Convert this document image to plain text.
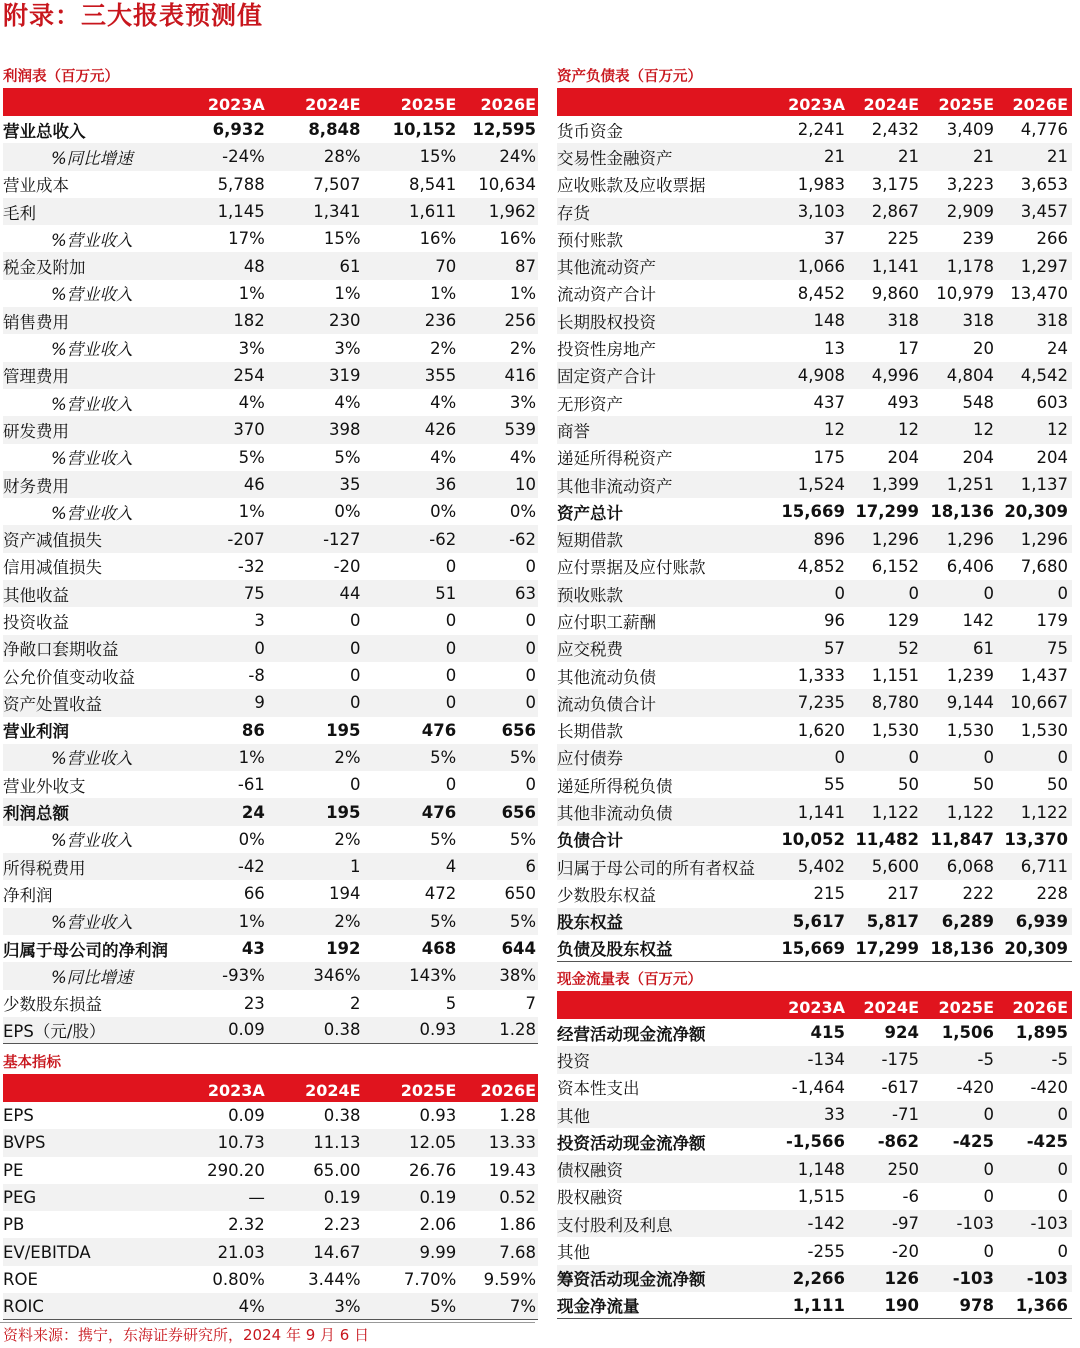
附录：三大报表预测值
利润表（百万元）
2023A	2024E	2025E	2026E
营业总收入	6,932	8,848	10,152 12,595
%同比增速	-24%	28%	15%	24%
营业成本	5,788	7,507	8,541	10,634
毛利	1,145	1,341	1,611	1,962
%营业收入	17%	15%	16%	16%
税金及附加	48	61	70	87
%营业收入	1%	1%	1%	1%
销售费用	182	230	236	256
%营业收入	3%	3%	2%	2%
管理费用	254	319	355	416
%营业收入	4%	4%	4%	3%
研发费用	370	398	426	539
%营业收入	5%	5%	4%	4%
财务费用	46	35	36	10
%营业收入	1%	0%	0%	0%
资产减值损失	-207	-127	-62	-62
信用减值损失	-32	-20	0	0
其他收益	75	44	51	63
投资收益	3	0	0	0
净敞口套期收益	0	0	0	0
公允价值变动收益	-8	0	0	0
资产处置收益	9	0	0	0
营业利润	86	195	476	656
%营业收入	1%	2%	5%	5%
营业外收支	-61	0	0	0
利润总额	24	195	476	656
%营业收入	0%	2%	5%	5%
所得税费用	-42	1	4	6
净利润	66	194	472	650
%营业收入	1%	2%	5%	5%
归属于母公司的净利润	43	192	468	644
%同比增速	-93%	346%	143%	38%
少数股东损益	23	2	5	7
EPS（元/股）	0.09	0.38	0.93	1.28
基本指标
2023A	2024E	2025E	2026E
EPS	0.09	0.38	0.93	1.28
BVPS	10.73	11.13	12.05	13.33
PE	290.20	65.00	26.76	19.43
PEG	—	0.19	0.19	0.52
PB	2.32	2.23	2.06	1.86
EV/EBITDA	21.03	14.67	9.99	7.68
ROE	0.80%	3.44%	7.70%	9.59%
ROIC	4%	3%	5%	7%
资产负债表（百万元）
2023A	2024E	2025E	2026E
货币资金	2,241	2,432	3,409	4,776
交易性金融资产	21	21	21	21
应收账款及应收票据	1,983	3,175	3,223	3,653
存货	3,103	2,867	2,909	3,457
预付账款	37	225	239	266
其他流动资产	1,066	1,141	1,178	1,297
流动资产合计	8,452	9,860	10,979 13,470
长期股权投资	148	318	318	318
投资性房地产	13	17	20	24
固定资产合计	4,908	4,996	4,804	4,542
无形资产	437	493	548	603
商誉	12	12	12	12
递延所得税资产	175	204	204	204
其他非流动资产	1,524	1,399	1,251	1,137
资产总计	15,669 17,299 18,136 20,309
短期借款	896	1,296	1,296	1,296
应付票据及应付账款	4,852	6,152	6,406	7,680
预收账款	0	0	0	0
应付职工薪酬	96	129	142	179
应交税费	57	52	61	75
其他流动负债	1,333	1,151	1,239	1,437
流动负债合计	7,235	8,780	9,144 10,667
长期借款	1,620	1,530	1,530	1,530
应付债券	0	0	0	0
递延所得税负债	55	50	50	50
其他非流动负债	1,141	1,122	1,122	1,122
负债合计	10,052 11,482 11,847 13,370
归属于母公司的所有者权益	5,402	5,600	6,068	6,711
少数股东权益	215	217	222	228
股东权益	5,617	5,817	6,289	6,939
负债及股东权益	15,669 17,299 18,136 20,309
现金流量表（百万元）
2023A	2024E	2025E	2026E
经营活动现金流净额	415	924	1,506	1,895
投资	-134	-175	-5	-5
资本性支出	-1,464	-617	-420	-420
其他	33	-71	0	0
投资活动现金流净额	-1,566	-862	-425	-425
债权融资	1,148	250	0	0
股权融资	1,515	-6	0	0
支付股利及利息	-142	-97	-103	-103
其他	-255	-20	0	0
筹资活动现金流净额	2,266	126	-103	-103
现金净流量	1,111	190	978	1,366
资料来源：携宁，东海证券研究所，2024 年 9 月 6 日
